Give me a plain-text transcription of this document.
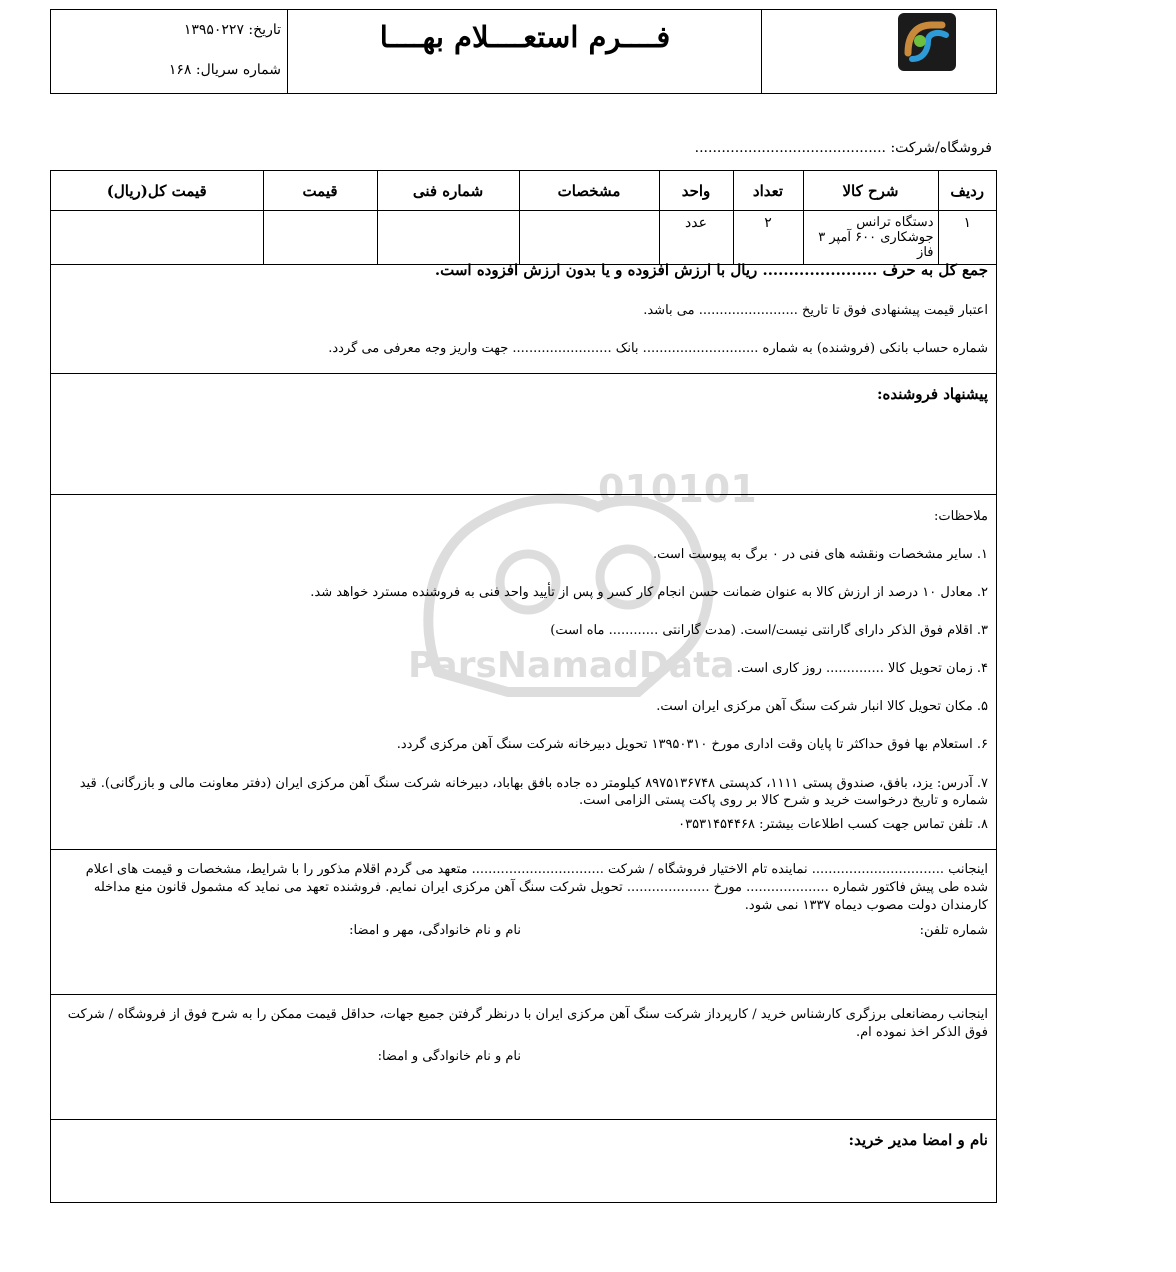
فــــرم استعــــلام بهــــا
تاریخ: ۱۳۹۵۰۲۲۷
شماره سریال: ۱۶۸
فروشگاه/شرکت: ...........................................
010101
ParsNamadData
ردیف	شرح کالا	تعداد	واحد	مشخصات	شماره فنی	قیمت	قیمت کل(ریال)
۱	دستگاه ترانس جوشکاری ۶۰۰ آمپر ۳ فاز	۲	عدد				
جمع کل به حرف ...................... ریال با ارزش افزوده و یا بدون ارزش افزوده است.
اعتبار قیمت پیشنهادی فوق تا تاریخ ........................ می باشد.
شماره حساب بانکی (فروشنده) به شماره ............................ بانک ........................ جهت واریز وجه معرفی می گردد.
پیشنهاد فروشنده:
ملاحظات:
۱. سایر مشخصات ونقشه های فنی در ۰ برگ به پیوست است.
۲. معادل ۱۰ درصد از ارزش کالا به عنوان ضمانت حسن انجام کار کسر و پس از تأیید واحد فنی به فروشنده مسترد خواهد شد.
۳. اقلام فوق الذکر دارای گارانتی نیست/است. (مدت گارانتی ............ ماه است)
۴. زمان تحویل کالا .............. روز کاری است.
۵. مکان تحویل کالا انبار شرکت سنگ آهن مرکزی ایران است.
۶. استعلام بها فوق حداکثر تا پایان وقت اداری مورخ ۱۳۹۵۰۳۱۰ تحویل دبیرخانه شرکت سنگ آهن مرکزی گردد.
۷. آدرس: یزد، بافق، صندوق پستی ۱۱۱۱، کدپستی ۸۹۷۵۱۳۶۷۴۸ کیلومتر ده جاده بافق بهاباد، دبیرخانه شرکت سنگ آهن مرکزی ایران (دفتر معاونت مالی و بازرگانی). قید شماره و تاریخ درخواست خرید و شرح کالا بر روی پاکت پستی الزامی است.
۸. تلفن تماس جهت کسب اطلاعات بیشتر: ۰۳۵۳۱۴۵۴۴۶۸
اینجانب ................................ نماینده تام الاختیار فروشگاه / شرکت ................................ متعهد می گردم اقلام مذکور را با شرایط، مشخصات و قیمت های اعلام شده طی پیش فاکتور شماره .................... مورخ .................... تحویل شرکت سنگ آهن مرکزی ایران نمایم. فروشنده تعهد می نماید که مشمول قانون منع مداخله کارمندان دولت مصوب دیماه ۱۳۳۷ نمی شود.
شماره تلفن:
نام و نام خانوادگی، مهر و امضا:
اینجانب رمضانعلی برزگری کارشناس خرید / کارپرداز شرکت سنگ آهن مرکزی ایران با درنظر گرفتن جمیع جهات، حداقل قیمت ممکن را به شرح فوق از فروشگاه / شرکت فوق الذکر اخذ نموده ام.
نام و نام خانوادگی و امضا:
نام و امضا مدیر خرید:
